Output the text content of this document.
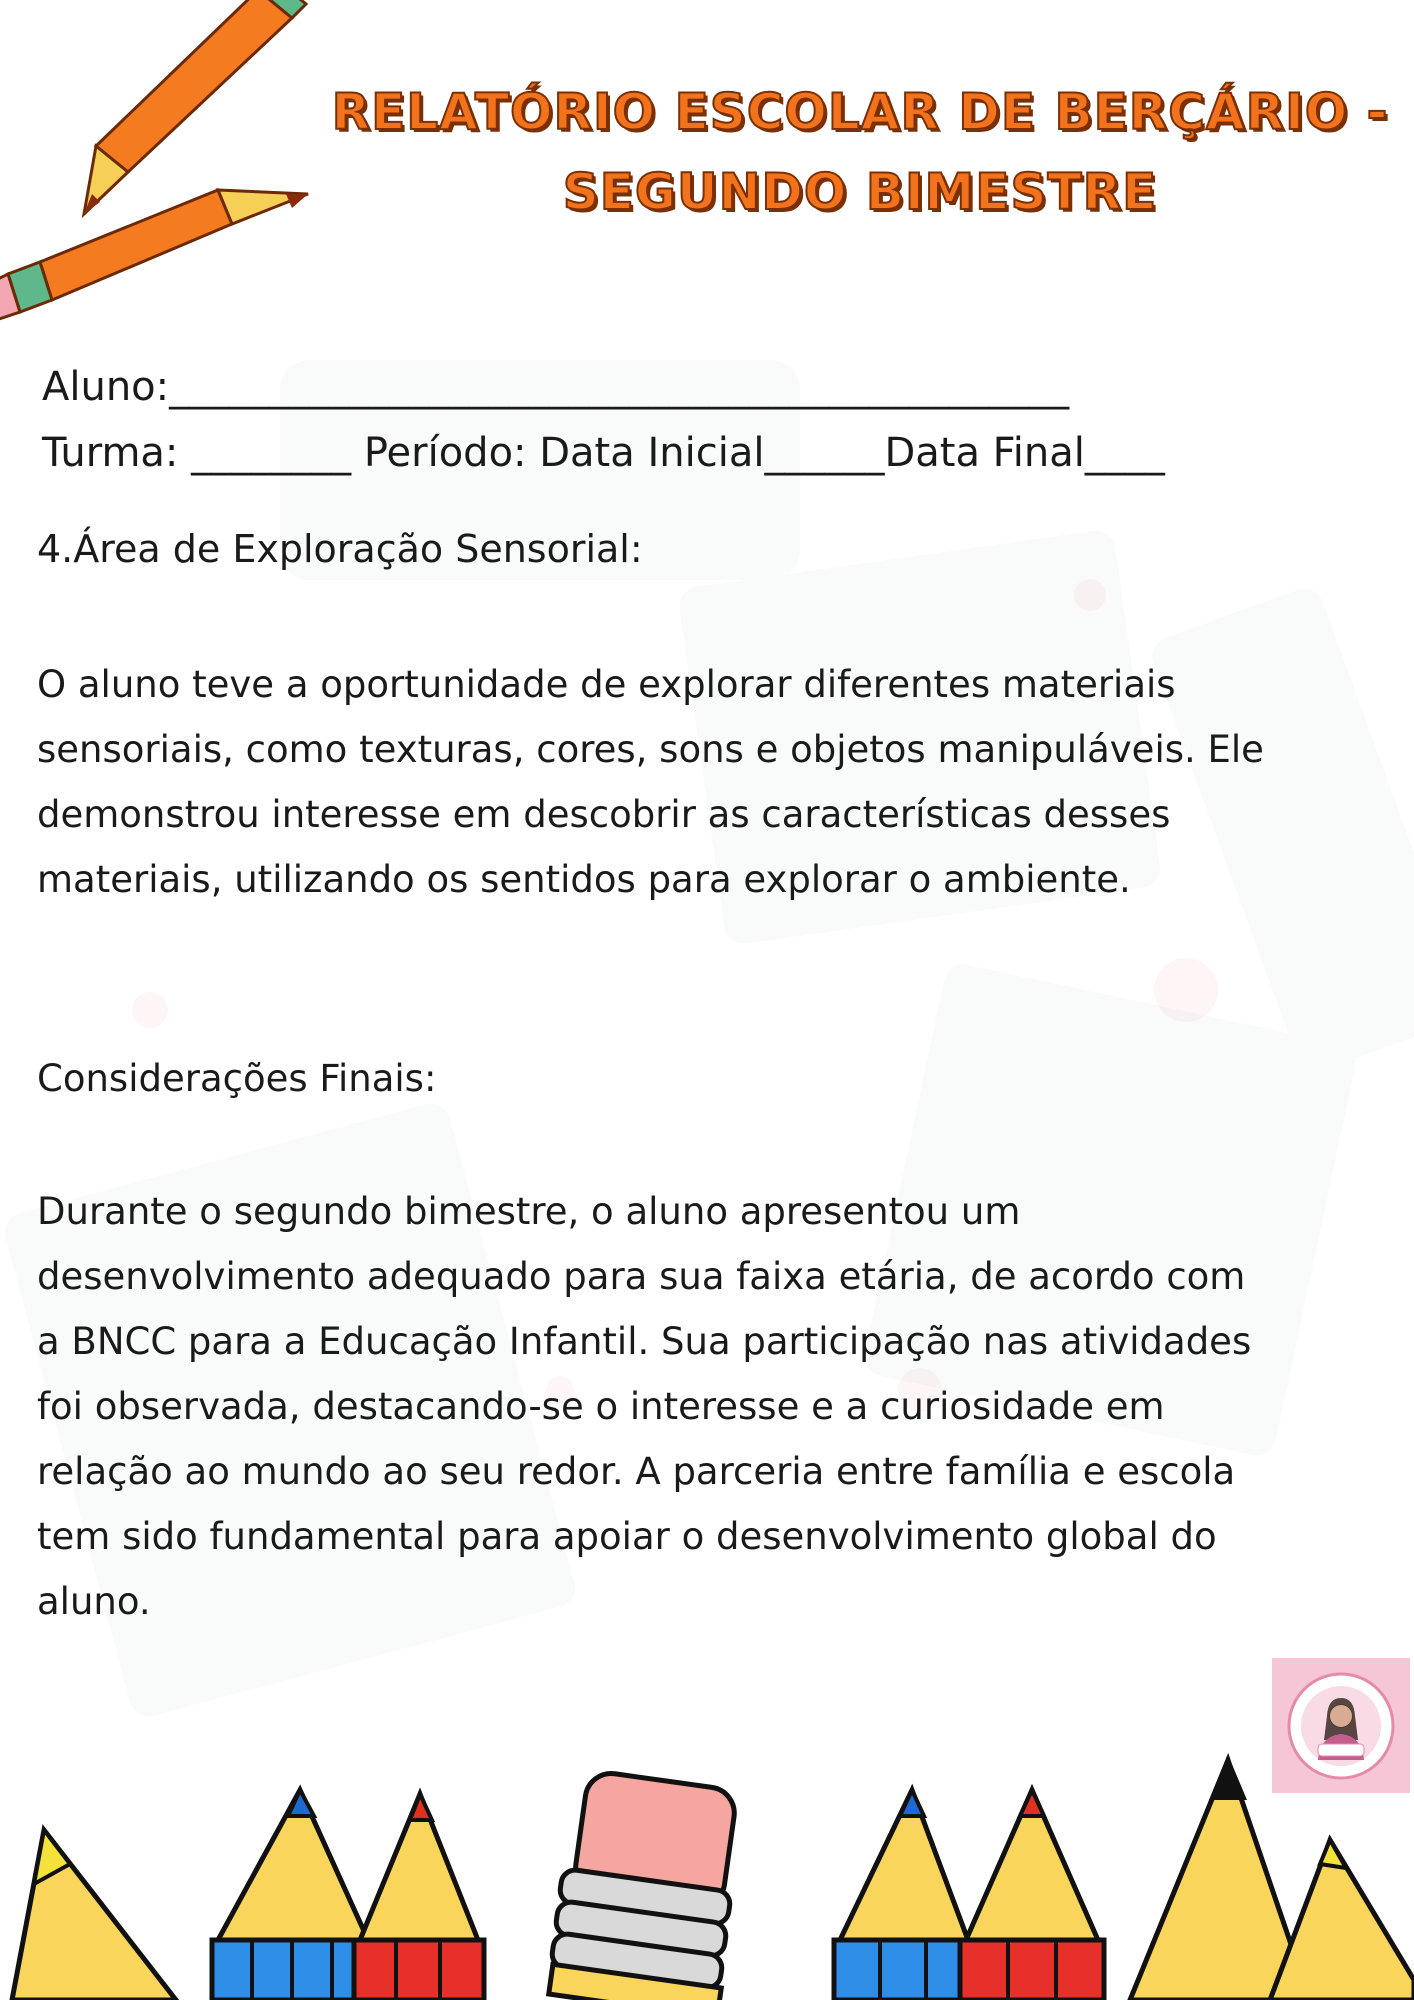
RELATÓRIO ESCOLAR DE BERÇÁRIO -
SEGUNDO BIMESTRE
Aluno:_____________________________________________
Turma: ________ Período: Data Inicial______Data Final____
4.Área de Exploração Sensorial:
O aluno teve a oportunidade de explorar diferentes materiais
sensoriais, como texturas, cores, sons e objetos manipuláveis. Ele
demonstrou interesse em descobrir as características desses
materiais, utilizando os sentidos para explorar o ambiente.
Considerações Finais:
Durante o segundo bimestre, o aluno apresentou um
desenvolvimento adequado para sua faixa etária, de acordo com
a BNCC para a Educação Infantil. Sua participação nas atividades
foi observada, destacando-se o interesse e a curiosidade em
relação ao mundo ao seu redor. A parceria entre família e escola
tem sido fundamental para apoiar o desenvolvimento global do
aluno.
